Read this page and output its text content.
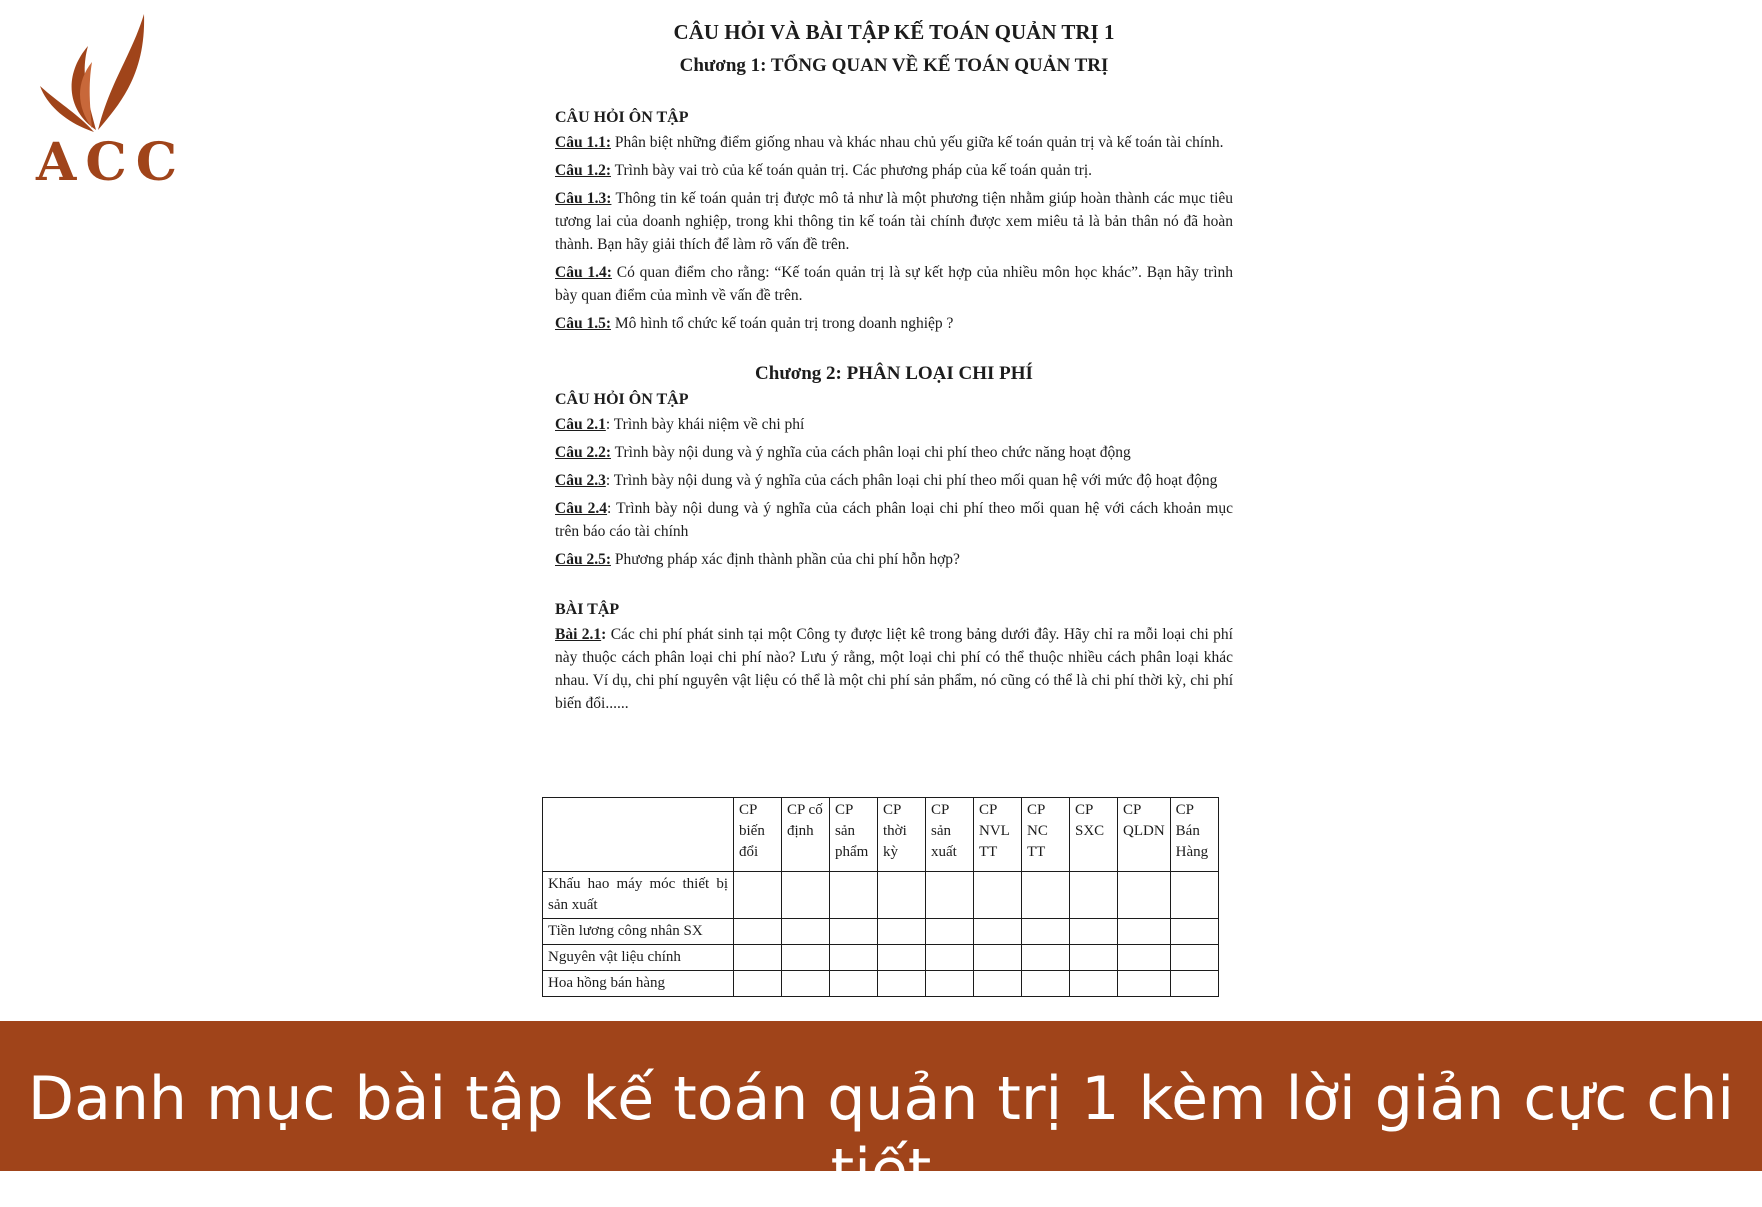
ACC
CÂU HỎI VÀ BÀI TẬP KẾ TOÁN QUẢN TRỊ 1
Chương 1: TỔNG QUAN VỀ KẾ TOÁN QUẢN TRỊ
CÂU HỎI ÔN TẬP

Câu 1.1: Phân biệt những điểm giống nhau và khác nhau chủ yếu giữa kế toán quản trị và kế toán tài chính.

Câu 1.2: Trình bày vai trò của kế toán quản trị. Các phương pháp của kế toán quản trị.

Câu 1.3: Thông tin kế toán quản trị được mô tả như là một phương tiện nhằm giúp hoàn thành các mục tiêu tương lai của doanh nghiệp, trong khi thông tin kế toán tài chính được xem miêu tả là bản thân nó đã hoàn thành. Bạn hãy giải thích để làm rõ vấn đề trên.

Câu 1.4: Có quan điểm cho rằng: “Kế toán quản trị là sự kết hợp của nhiều môn học khác”. Bạn hãy trình bày quan điểm của mình về vấn đề trên.

Câu 1.5: Mô hình tổ chức kế toán quản trị trong doanh nghiệp ?

Chương 2: PHÂN LOẠI CHI PHÍ
CÂU HỎI ÔN TẬP

Câu 2.1: Trình bày khái niệm về chi phí

Câu 2.2: Trình bày nội dung và ý nghĩa của cách phân loại chi phí theo chức năng hoạt động

Câu 2.3: Trình bày nội dung và ý nghĩa của cách phân loại chi phí theo mối quan hệ với mức độ hoạt động

Câu 2.4: Trình bày nội dung và ý nghĩa của cách phân loại chi phí theo mối quan hệ với cách khoản mục trên báo cáo tài chính

Câu 2.5: Phương pháp xác định thành phần của chi phí hỗn hợp?

BÀI TẬP

Bài 2.1: Các chi phí phát sinh tại một Công ty được liệt kê trong bảng dưới đây. Hãy chỉ ra mỗi loại chi phí này thuộc cách phân loại chi phí nào? Lưu ý rằng, một loại chi phí có thể thuộc nhiều cách phân loại khác nhau. Ví dụ, chi phí nguyên vật liệu có thể là một chi phí sản phẩm, nó cũng có thể là chi phí thời kỳ, chi phí biến đổi......

	CP biến đổi	CP cố định	CP sản phẩm	CP thời kỳ	CP sản xuất	CP NVL TT	CP NC TT	CP SXC	CP QLDN	CP Bán Hàng
Khấu hao máy móc thiết bị sản xuất										
Tiền lương công nhân SX										
Nguyên vật liệu chính										
Hoa hồng bán hàng										
Danh mục bài tập kế toán quản trị 1 kèm lời giản cực chi tiết
